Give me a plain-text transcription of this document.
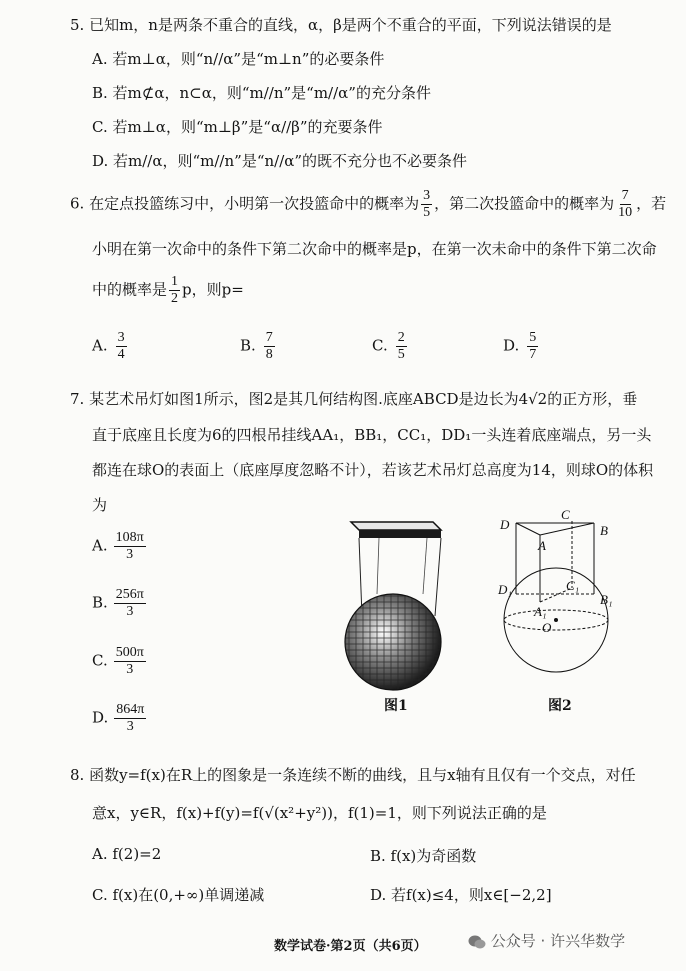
5. 已知m，n是两条不重合的直线，α，β是两个不重合的平面，下列说法错误的是
A. 若m⊥α，则“n//α”是“m⊥n”的必要条件
B. 若m⊄α，n⊂α，则“m//n”是“m//α”的充分条件
C. 若m⊥α，则“m⊥β”是“α//β”的充要条件
D. 若m//α，则“m//n”是“n//α”的既不充分也不必要条件
6. 在定点投篮练习中，小明第一次投篮命中的概率为 $\frac{3}{5}$ ，第二次投篮命中的概率为 $\frac{7}{10}$ ，若
小明在第一次命中的条件下第二次命中的概率是p，在第一次未命中的条件下第二次命
中的概率是 $\frac{1}{2}$ p，则p=
A. $\frac{3}{4}$	B. $\frac{7}{8}$	C. $\frac{2}{5}$	D. $\frac{5}{7}$
7. 某艺术吊灯如图1所示，图2是其几何结构图.底座ABCD是边长为4√2的正方形，垂
直于底座且长度为6的四根吊挂线AA₁，BB₁，CC₁，DD₁一头连着底座端点，另一头
都连在球O的表面上（底座厚度忽略不计），若该艺术吊灯总高度为14，则球O的体积
为
A. $\frac{108\pi}{3}$
B. $\frac{256\pi}{3}$
C. $\frac{500\pi}{3}$
D. $\frac{864\pi}{3}$	图1
D
C
B
A
D₁	C₁
B₁
A₁
O
图2
8. 函数y=f(x)在R上的图象是一条连续不断的曲线，且与x轴有且仅有一个交点，对任
意x，y∈R，f(x)+f(y)=f(√(x²+y²))，f(1)=1，则下列说法正确的是
A. f(2)=2	B. f(x)为奇函数
C. f(x)在(0,+∞)单调递减	D. 若f(x)≤4，则x∈[−2,2]
数学试卷·第2页（共6页）	公众号 · 许兴华数学
